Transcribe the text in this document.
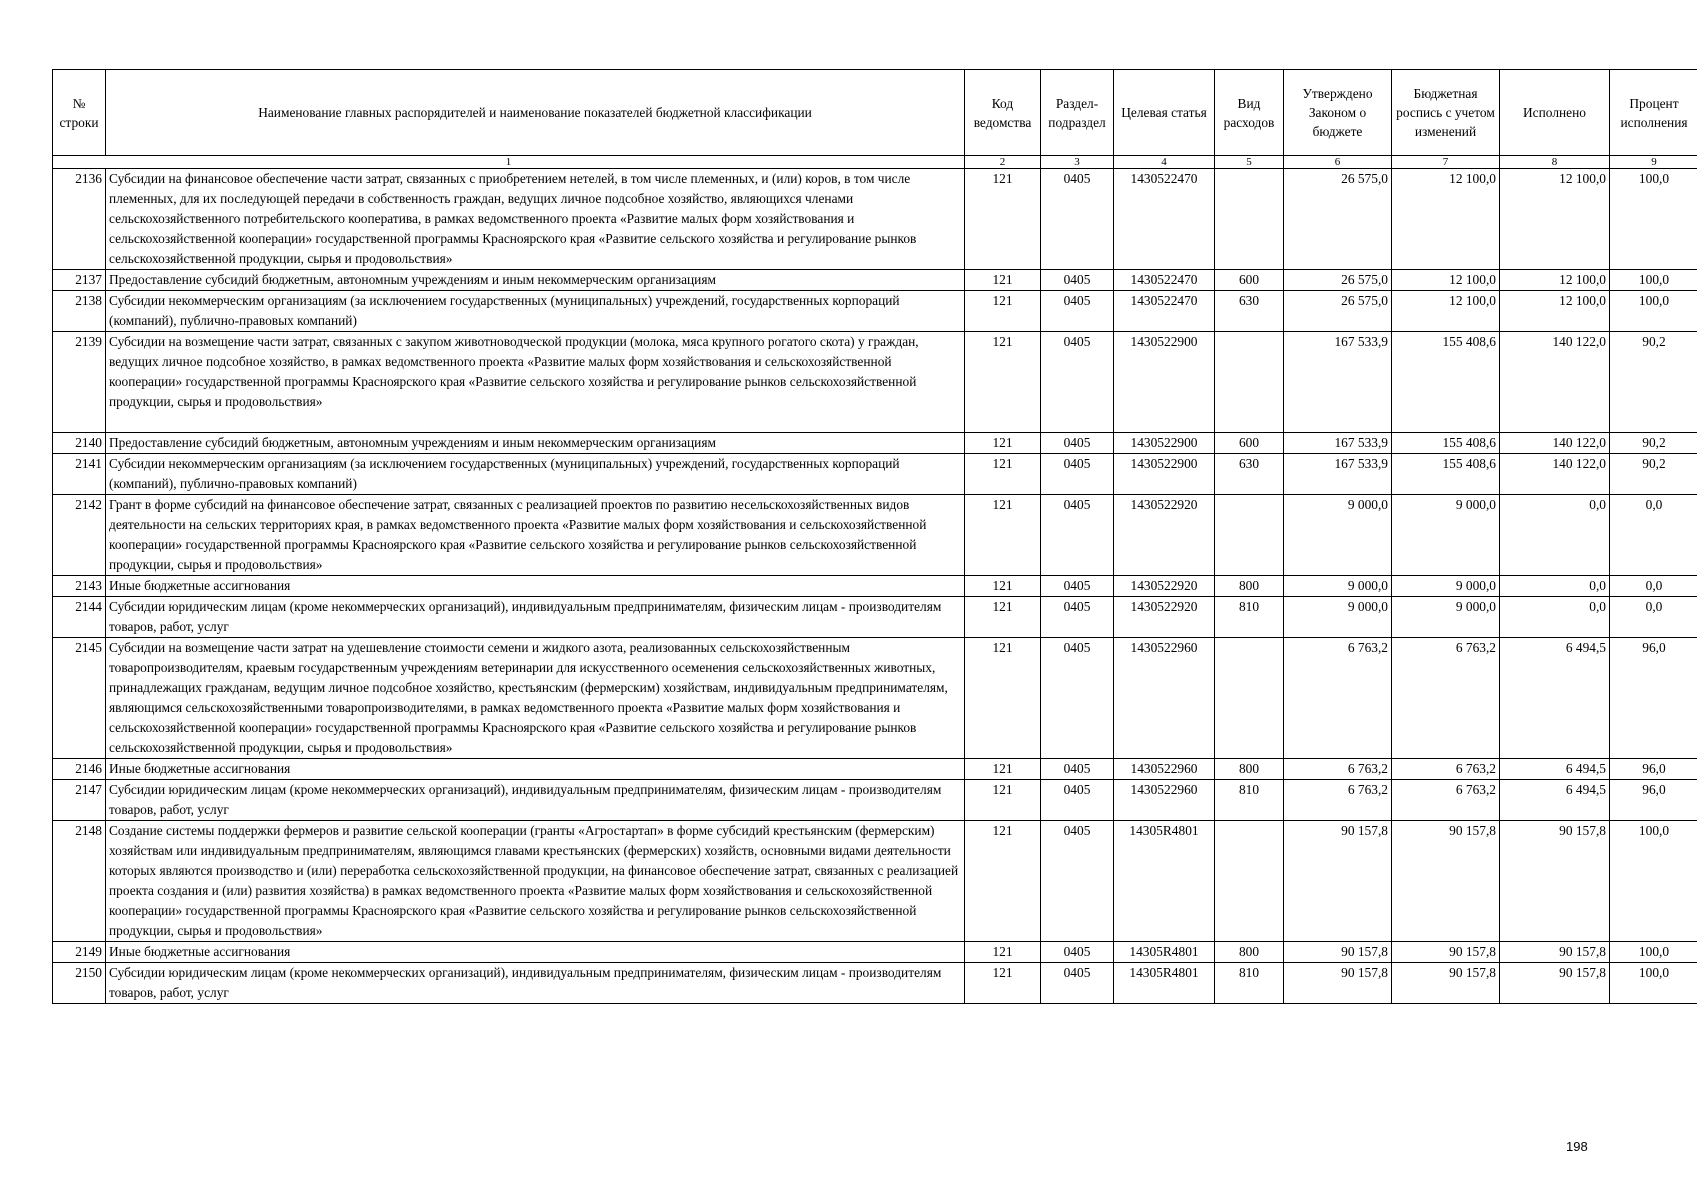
№ строки	Наименование главных распорядителей и наименование показателей бюджетной классификации	Код ведомства	Раздел-подраздел	Целевая статья	Вид расходов	Утверждено Законом о бюджете	Бюджетная роспись с учетом изменений	Исполнено	Процент исполнения
1		2	3	4	5	6	7	8	9
2136	Субсидии на финансовое обеспечение части затрат, связанных с приобретением нетелей, в том числе племенных, и (или) коров, в том числе племенных, для их последующей передачи в собственность граждан, ведущих личное подсобное хозяйство, являющихся членами сельскохозяйственного потребительского кооператива, в рамках ведомственного проекта «Развитие малых форм хозяйствования и сельскохозяйственной кооперации» государственной программы Красноярского края «Развитие сельского хозяйства и регулирование рынков сельскохозяйственной продукции, сырья и продовольствия»	121	0405	1430522470		26 575,0	12 100,0	12 100,0	100,0
2137	Предоставление субсидий бюджетным, автономным учреждениям и иным некоммерческим организациям	121	0405	1430522470	600	26 575,0	12 100,0	12 100,0	100,0
2138	Субсидии некоммерческим организациям (за исключением государственных (муниципальных) учреждений, государственных корпораций (компаний), публично-правовых компаний)	121	0405	1430522470	630	26 575,0	12 100,0	12 100,0	100,0
2139	Субсидии на возмещение части затрат, связанных с закупом животноводческой продукции (молока, мяса крупного рогатого скота) у граждан, ведущих личное подсобное хозяйство, в рамках ведомственного проекта «Развитие малых форм хозяйствования и сельскохозяйственной кооперации» государственной программы Красноярского края «Развитие сельского хозяйства и регулирование рынков сельскохозяйственной продукции, сырья и продовольствия»	121	0405	1430522900		167 533,9	155 408,6	140 122,0	90,2
2140	Предоставление субсидий бюджетным, автономным учреждениям и иным некоммерческим организациям	121	0405	1430522900	600	167 533,9	155 408,6	140 122,0	90,2
2141	Субсидии некоммерческим организациям (за исключением государственных (муниципальных) учреждений, государственных корпораций (компаний), публично-правовых компаний)	121	0405	1430522900	630	167 533,9	155 408,6	140 122,0	90,2
2142	Грант в форме субсидий на финансовое обеспечение затрат, связанных с реализацией проектов по развитию несельскохозяйственных видов деятельности на сельских территориях края, в рамках ведомственного проекта «Развитие малых форм хозяйствования и сельскохозяйственной кооперации» государственной программы Красноярского края «Развитие сельского хозяйства и регулирование рынков сельскохозяйственной продукции, сырья и продовольствия»	121	0405	1430522920		9 000,0	9 000,0	0,0	0,0
2143	Иные бюджетные ассигнования	121	0405	1430522920	800	9 000,0	9 000,0	0,0	0,0
2144	Субсидии юридическим лицам (кроме некоммерческих организаций), индивидуальным предпринимателям, физическим лицам - производителям товаров, работ, услуг	121	0405	1430522920	810	9 000,0	9 000,0	0,0	0,0
2145	Субсидии на возмещение части затрат на удешевление стоимости семени и жидкого азота, реализованных сельскохозяйственным товаропроизводителям, краевым государственным учреждениям ветеринарии для искусственного осеменения сельскохозяйственных животных, принадлежащих гражданам, ведущим личное подсобное хозяйство, крестьянским (фермерским) хозяйствам, индивидуальным предпринимателям, являющимся сельскохозяйственными товаропроизводителями, в рамках ведомственного проекта «Развитие малых форм хозяйствования и сельскохозяйственной кооперации» государственной программы Красноярского края «Развитие сельского хозяйства и регулирование рынков сельскохозяйственной продукции, сырья и продовольствия»	121	0405	1430522960		6 763,2	6 763,2	6 494,5	96,0
2146	Иные бюджетные ассигнования	121	0405	1430522960	800	6 763,2	6 763,2	6 494,5	96,0
2147	Субсидии юридическим лицам (кроме некоммерческих организаций), индивидуальным предпринимателям, физическим лицам - производителям товаров, работ, услуг	121	0405	1430522960	810	6 763,2	6 763,2	6 494,5	96,0
2148	Создание системы поддержки фермеров и развитие сельской кооперации (гранты «Агростартап» в форме субсидий крестьянским (фермерским) хозяйствам или индивидуальным предпринимателям, являющимся главами крестьянских (фермерских) хозяйств, основными видами деятельности которых являются производство и (или) переработка сельскохозяйственной продукции, на финансовое обеспечение затрат, связанных с реализацией проекта создания и (или) развития хозяйства) в рамках ведомственного проекта «Развитие малых форм хозяйствования и сельскохозяйственной кооперации» государственной программы Красноярского края «Развитие сельского хозяйства и регулирование рынков сельскохозяйственной продукции, сырья и продовольствия»	121	0405	14305R4801		90 157,8	90 157,8	90 157,8	100,0
2149	Иные бюджетные ассигнования	121	0405	14305R4801	800	90 157,8	90 157,8	90 157,8	100,0
2150	Субсидии юридическим лицам (кроме некоммерческих организаций), индивидуальным предпринимателям, физическим лицам - производителям товаров, работ, услуг	121	0405	14305R4801	810	90 157,8	90 157,8	90 157,8	100,0
198
